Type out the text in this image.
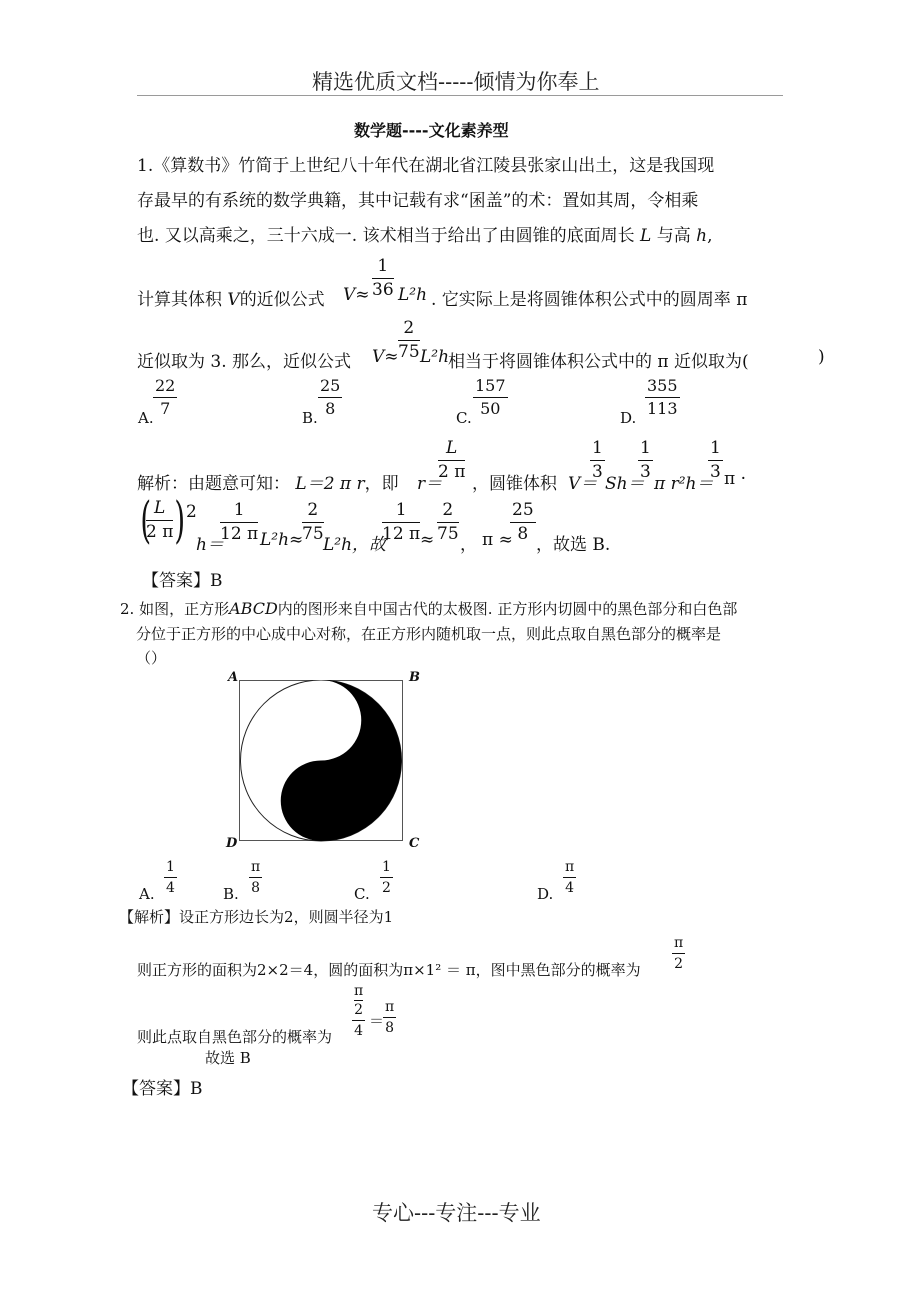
精选优质文档-----倾情为你奉上
数学题----文化素养型
1.《算数书》竹简于上世纪八十年代在湖北省江陵县张家山出土，这是我国现
存最早的有系统的数学典籍，其中记载有求“囷盖”的术：置如其周，令相乘
也. 又以高乘之，三十六成一. 该术相当于给出了由圆锥的底面周长 L 与高 h,
计算其体积 V的近似公式 $V\approx \frac{1}{36} L^2h$ . 它实际上是将圆锥体积公式中的圆周率 π
近似取为 3. 那么，近似公式 $V\approx \frac{2}{75} L^2h$
相当于将圆锥体积公式中的 π 近似取为(	)
A.
$\frac{22}{7}$
B.
$\frac{25}{8}$
C.
$\frac{157}{50}$
D.
$\frac{355}{113}$
解析：由题意可知： L＝2 π r，即 r＝
$\frac{L}{2 \pi}$
，圆锥体积 V＝
$\frac{1}{3}$
Sh＝
$\frac{1}{3}$
π r²h＝
$\frac{1}{3}$ π ·
(
$\frac{L}{2 \pi}$ ) 2
h＝
$\frac{1}{12 \pi} L^2h\approx$
$\frac{2}{75}$
L²h，故
$\frac{1}{12 \pi} \approx \frac{2}{75}$
， π ≈
$\frac{25}{8}$
，故选 B.
【答案】B
2. 如图，正方形ABCD内的图形来自中国古代的太极图. 正方形内切圆中的黑色部分和白色部
分位于正方形的中心成中心对称，在正方形内随机取一点，则此点取自黑色部分的概率是
（）
A	B
D	C
A. $\frac{1}{4}$	B. $\frac{\pi}{8}$	C. $\frac{1}{2}$	D. $\frac{\pi}{4}$
【解析】设正方形边长为2，则圆半径为1
则正方形的面积为2×2＝4，圆的面积为π×1² ＝ π，图中黑色部分的概率为 $\frac{\pi}{2}$
则此点取自黑色部分的概率为 π
2
4 ＝
$\frac{\pi}{8}$
故选 B
【答案】B
专心---专注---专业
